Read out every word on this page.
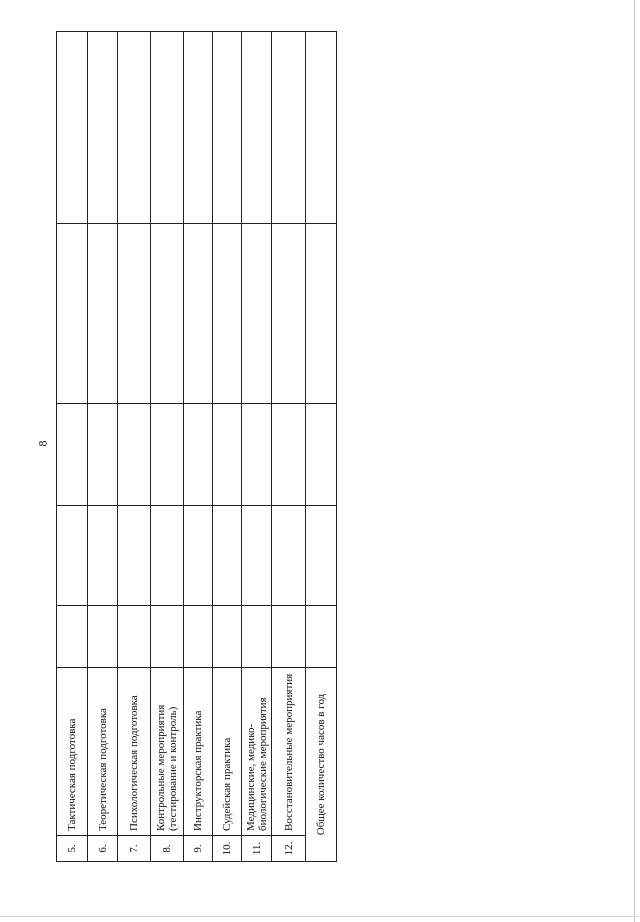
8
5.	Тактическая подготовка					
6.	Теоретическая подготовка					
7.	Психологическая подготовка					
8.	Контрольные мероприятия (тестирование и контроль)					
9.	Инструкторская практика					
10.	Судейская практика					
11.	Медицинские, медико-биологические мероприятия					
12.	Восстановительные мероприятия					
Общее количество часов в год						
